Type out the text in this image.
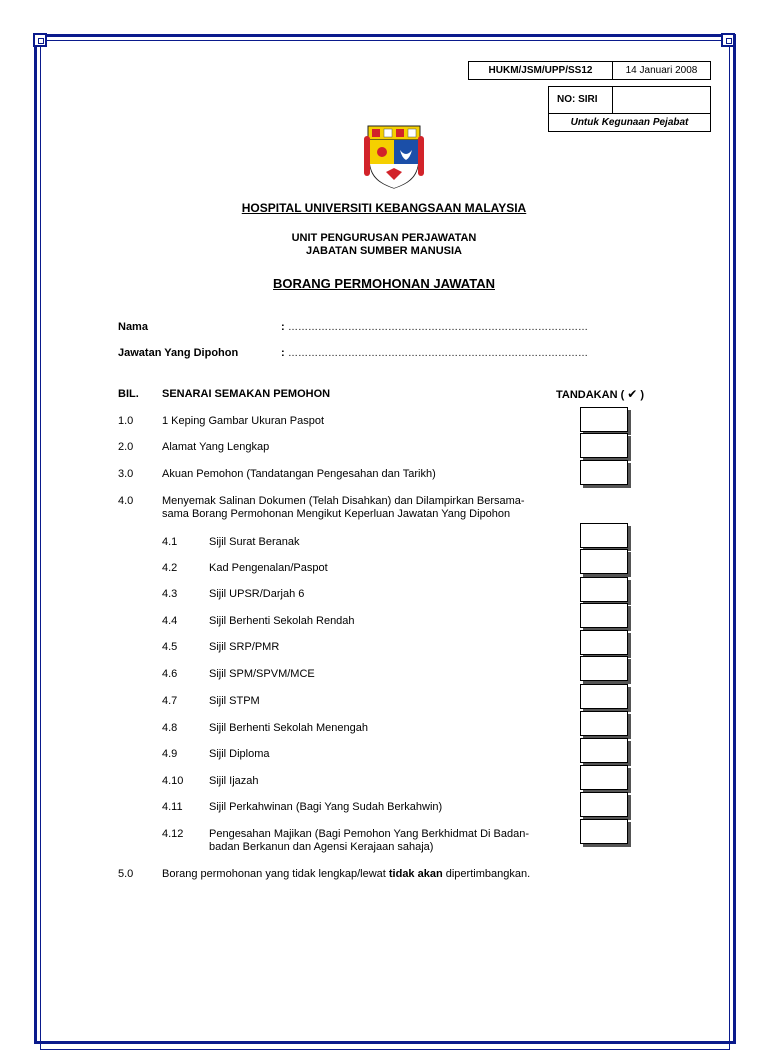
HUKM/JSM/UPP/SS12	14 Januari 2008
NO: SIRI
Untuk Kegunaan Pejabat
HOSPITAL UNIVERSITI KEBANGSAAN MALAYSIA
UNIT PENGURUSAN PERJAWATAN
JABATAN SUMBER MANUSIA
BORANG PERMOHONAN JAWATAN
Nama	: ………………………………………………………………………………
Jawatan Yang Dipohon	: ………………………………………………………………………………
BIL. SENARAI SEMAKAN PEMOHON	TANDAKAN ( ✔ )
1.0	1 Keping Gambar Ukuran Paspot
2.0	Alamat Yang Lengkap
3.0	Akuan Pemohon (Tandatangan Pengesahan dan Tarikh)
4.0	Menyemak Salinan Dokumen (Telah Disahkan) dan Dilampirkan Bersama-
sama Borang Permohonan Mengikut Keperluan Jawatan Yang Dipohon
4.1	Sijil Surat Beranak
4.2	Kad Pengenalan/Paspot
4.3	Sijil UPSR/Darjah 6
4.4	Sijil Berhenti Sekolah Rendah
4.5	Sijil SRP/PMR
4.6	Sijil SPM/SPVM/MCE
4.7	Sijil STPM
4.8	Sijil Berhenti Sekolah Menengah
4.9	Sijil Diploma
4.10 Sijil Ijazah
4.11 Sijil Perkahwinan (Bagi Yang Sudah Berkahwin)
4.12 Pengesahan Majikan (Bagi Pemohon Yang Berkhidmat Di Badan-
badan Berkanun dan Agensi Kerajaan sahaja)
5.0	Borang permohonan yang tidak lengkap/lewat tidak akan dipertimbangkan.
